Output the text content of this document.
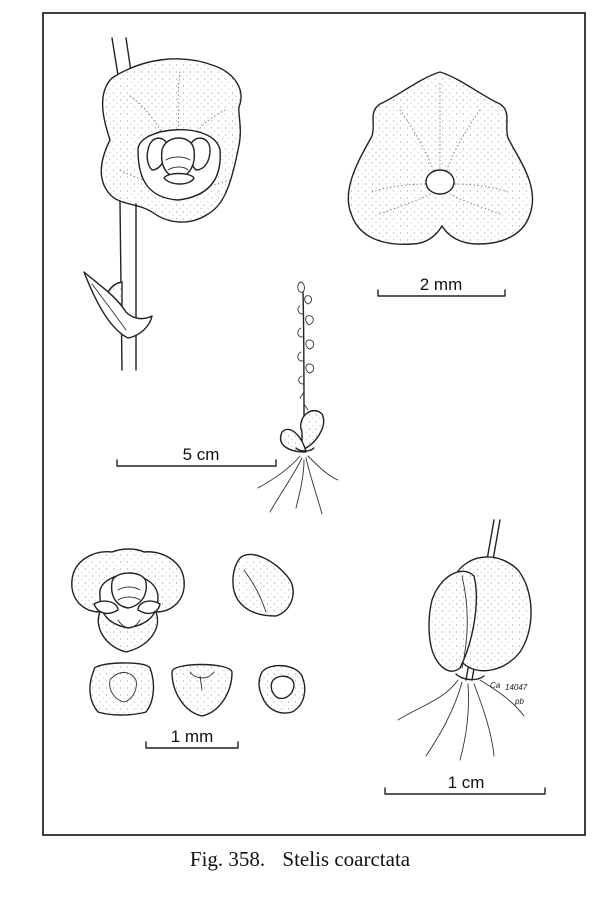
2 mm
5 cm
1 mm
Ca 14047
pb
1 cm
Fig. 358. Stelis coarctata
